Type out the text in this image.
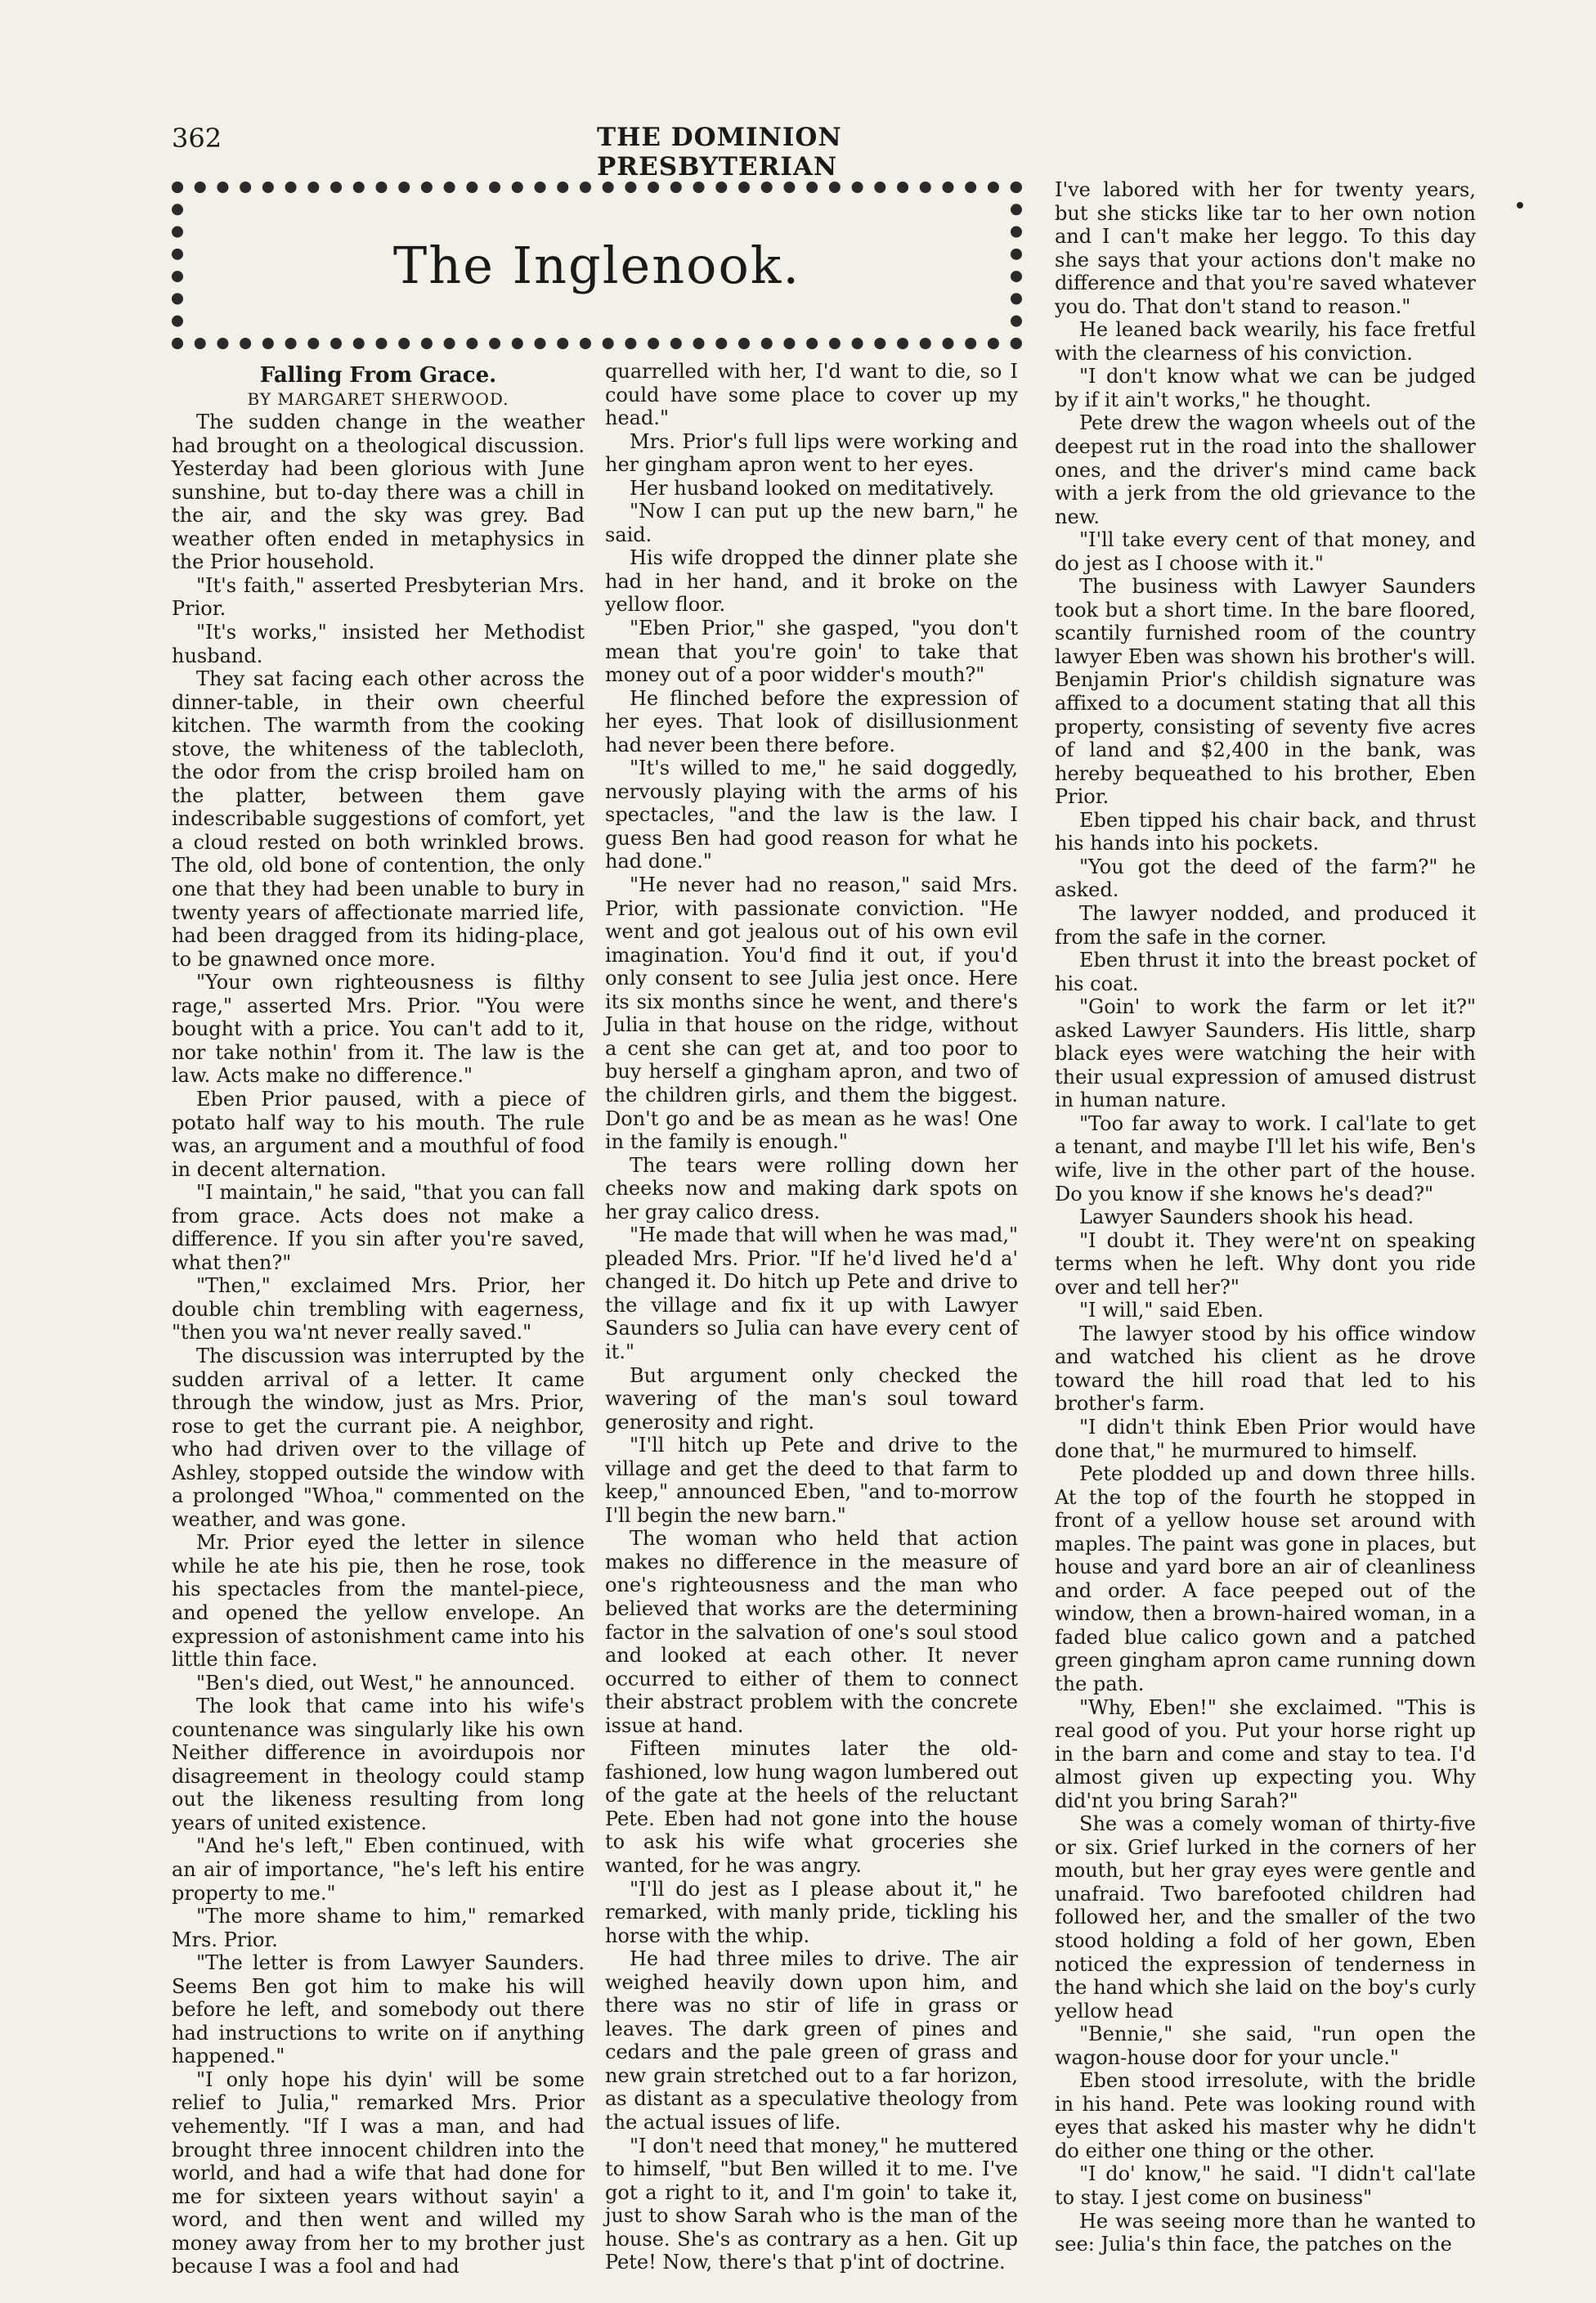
362	THE DOMINION PRESBYTERIAN
The Inglenook.

Falling From Grace.

BY MARGARET SHERWOOD.

The sudden change in the weather had brought on a theological discussion. Yesterday had been glorious with June sunshine, but to-day there was a chill in the air, and the sky was grey. Bad weather often ended in metaphysics in the Prior household.

"It's faith," asserted Presbyterian Mrs. Prior.

"It's works," insisted her Methodist husband.

They sat facing each other across the dinner-table, in their own cheerful kitchen. The warmth from the cooking stove, the whiteness of the tablecloth, the odor from the crisp broiled ham on the platter, between them gave indescribable suggestions of comfort, yet a cloud rested on both wrinkled brows. The old, old bone of contention, the only one that they had been unable to bury in twenty years of affectionate married life, had been dragged from its hiding-place, to be gnawned once more.

"Your own righteousness is filthy rage," asserted Mrs. Prior. "You were bought with a price. You can't add to it, nor take nothin' from it. The law is the law. Acts make no difference."

Eben Prior paused, with a piece of potato half way to his mouth. The rule was, an argument and a mouthful of food in decent alternation.

"I maintain," he said, "that you can fall from grace. Acts does not make a difference. If you sin after you're saved, what then?"

"Then," exclaimed Mrs. Prior, her double chin trembling with eagerness, "then you wa'nt never really saved."

The discussion was interrupted by the sudden arrival of a letter. It came through the window, just as Mrs. Prior, rose to get the currant pie. A neighbor, who had driven over to the village of Ashley, stopped outside the window with a prolonged "Whoa," commented on the weather, and was gone.

Mr. Prior eyed the letter in silence while he ate his pie, then he rose, took his spectacles from the mantel-piece, and opened the yellow envelope. An expression of astonishment came into his little thin face.

"Ben's died, out West," he announced.

The look that came into his wife's countenance was singularly like his own Neither difference in avoirdupois nor disagreement in theology could stamp out the likeness resulting from long years of united existence.

"And he's left," Eben continued, with an air of importance, "he's left his entire property to me."

"The more shame to him," remarked Mrs. Prior.

"The letter is from Lawyer Saunders. Seems Ben got him to make his will before he left, and somebody out there had instructions to write on if anything happened."

"I only hope his dyin' will be some relief to Julia," remarked Mrs. Prior vehemently. "If I was a man, and had brought three innocent children into the world, and had a wife that had done for me for sixteen years without sayin' a word, and then went and willed my money away from her to my brother just because I was a fool and had

quarrelled with her, I'd want to die, so I could have some place to cover up my head."

Mrs. Prior's full lips were working and her gingham apron went to her eyes.

Her husband looked on meditatively.

"Now I can put up the new barn," he said.

His wife dropped the dinner plate she had in her hand, and it broke on the yellow floor.

"Eben Prior," she gasped, "you don't mean that you're goin' to take that money out of a poor widder's mouth?"

He flinched before the expression of her eyes. That look of disillusionment had never been there before.

"It's willed to me," he said doggedly, nervously playing with the arms of his spectacles, "and the law is the law. I guess Ben had good reason for what he had done."

"He never had no reason," said Mrs. Prior, with passionate conviction. "He went and got jealous out of his own evil imagination. You'd find it out, if you'd only consent to see Julia jest once. Here its six months since he went, and there's Julia in that house on the ridge, without a cent she can get at, and too poor to buy herself a gingham apron, and two of the children girls, and them the biggest. Don't go and be as mean as he was! One in the family is enough."

The tears were rolling down her cheeks now and making dark spots on her gray calico dress.

"He made that will when he was mad," pleaded Mrs. Prior. "If he'd lived he'd a' changed it. Do hitch up Pete and drive to the village and fix it up with Lawyer Saunders so Julia can have every cent of it."

But argument only checked the wavering of the man's soul toward generosity and right.

"I'll hitch up Pete and drive to the village and get the deed to that farm to keep," announced Eben, "and to-morrow I'll begin the new barn."

The woman who held that action makes no difference in the measure of one's righteousness and the man who believed that works are the determining factor in the salvation of one's soul stood and looked at each other. It never occurred to either of them to connect their abstract problem with the concrete issue at hand.

Fifteen minutes later the old-fashioned, low hung wagon lumbered out of the gate at the heels of the reluctant Pete. Eben had not gone into the house to ask his wife what groceries she wanted, for he was angry.

"I'll do jest as I please about it," he remarked, with manly pride, tickling his horse with the whip.

He had three miles to drive. The air weighed heavily down upon him, and there was no stir of life in grass or leaves. The dark green of pines and cedars and the pale green of grass and new grain stretched out to a far horizon, as distant as a speculative theology from the actual issues of life.

"I don't need that money," he muttered to himself, "but Ben willed it to me. I've got a right to it, and I'm goin' to take it, just to show Sarah who is the man of the house. She's as contrary as a hen. Git up Pete! Now, there's that p'int of doctrine.

I've labored with her for twenty years, but she sticks like tar to her own notion and I can't make her leggo. To this day she says that your actions don't make no difference and that you're saved whatever you do. That don't stand to reason."

He leaned back wearily, his face fretful with the clearness of his conviction.

"I don't know what we can be judged by if it ain't works," he thought.

Pete drew the wagon wheels out of the deepest rut in the road into the shallower ones, and the driver's mind came back with a jerk from the old grievance to the new.

"I'll take every cent of that money, and do jest as I choose with it."

The business with Lawyer Saunders took but a short time. In the bare floored, scantily furnished room of the country lawyer Eben was shown his brother's will. Benjamin Prior's childish signature was affixed to a document stating that all this property, consisting of seventy five acres of land and $2,400 in the bank, was hereby bequeathed to his brother, Eben Prior.

Eben tipped his chair back, and thrust his hands into his pockets.

"You got the deed of the farm?" he asked.

The lawyer nodded, and produced it from the safe in the corner.

Eben thrust it into the breast pocket of his coat.

"Goin' to work the farm or let it?" asked Lawyer Saunders. His little, sharp black eyes were watching the heir with their usual expression of amused distrust in human nature.

"Too far away to work. I cal'late to get a tenant, and maybe I'll let his wife, Ben's wife, live in the other part of the house. Do you know if she knows he's dead?"

Lawyer Saunders shook his head.

"I doubt it. They were'nt on speaking terms when he left. Why dont you ride over and tell her?"

"I will," said Eben.

The lawyer stood by his office window and watched his client as he drove toward the hill road that led to his brother's farm.

"I didn't think Eben Prior would have done that," he murmured to himself.

Pete plodded up and down three hills. At the top of the fourth he stopped in front of a yellow house set around with maples. The paint was gone in places, but house and yard bore an air of cleanliness and order. A face peeped out of the window, then a brown-haired woman, in a faded blue calico gown and a patched green gingham apron came running down the path.

"Why, Eben!" she exclaimed. "This is real good of you. Put your horse right up in the barn and come and stay to tea. I'd almost given up expecting you. Why did'nt you bring Sarah?"

She was a comely woman of thirty-five or six. Grief lurked in the corners of her mouth, but her gray eyes were gentle and unafraid. Two barefooted children had followed her, and the smaller of the two stood holding a fold of her gown, Eben noticed the expression of tenderness in the hand which she laid on the boy's curly yellow head

"Bennie," she said, "run open the wagon-house door for your uncle."

Eben stood irresolute, with the bridle in his hand. Pete was looking round with eyes that asked his master why he didn't do either one thing or the other.

"I do' know," he said. "I didn't cal'late to stay. I jest come on business"

He was seeing more than he wanted to see: Julia's thin face, the patches on the
